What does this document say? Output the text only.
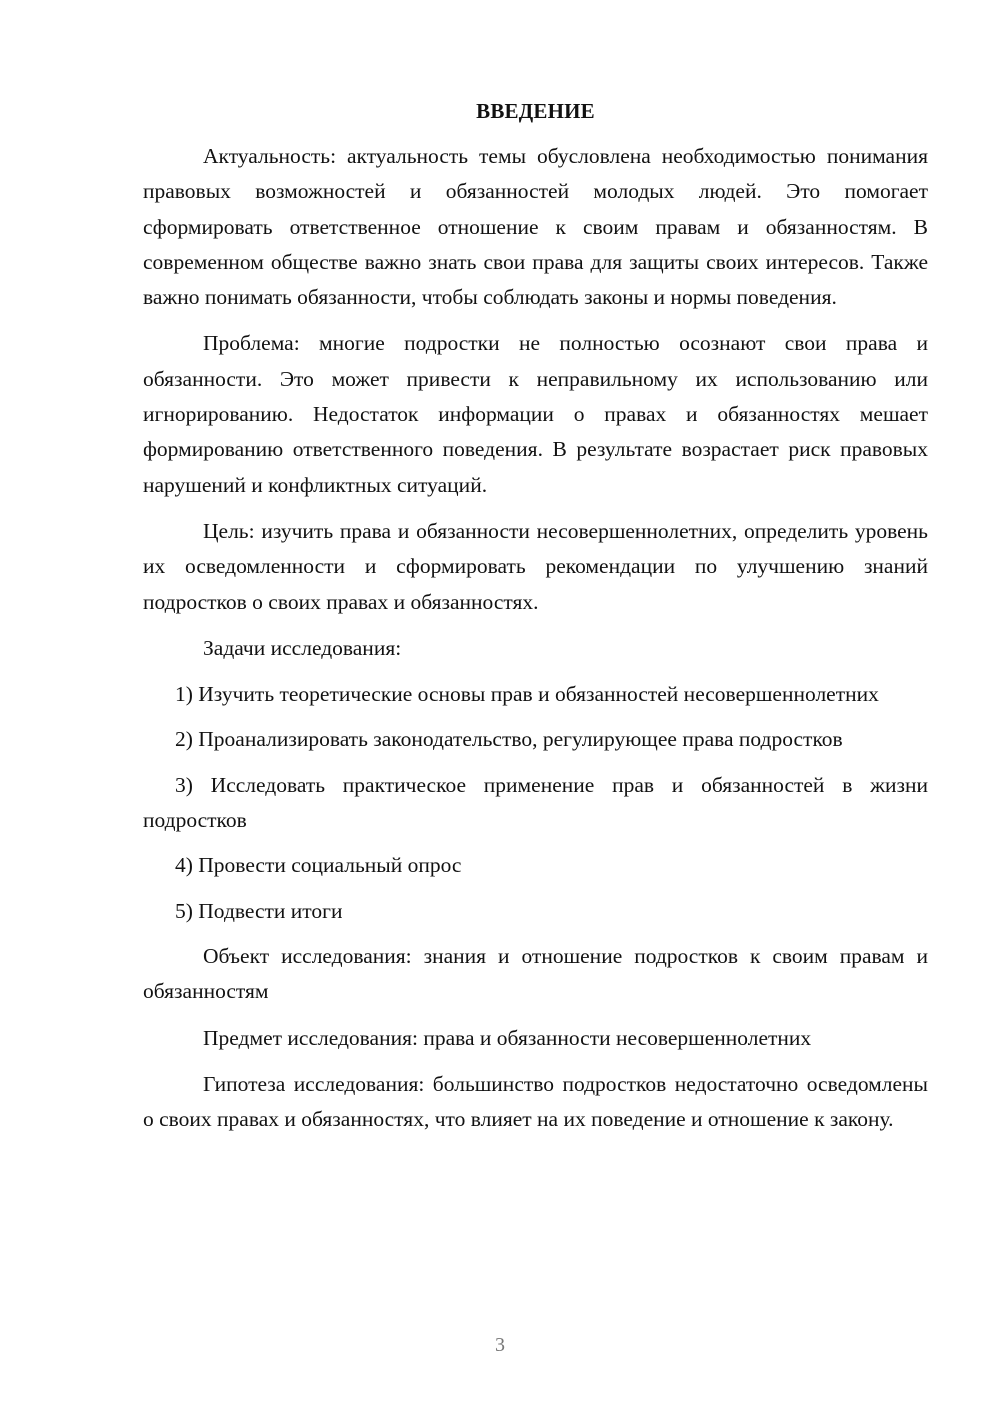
ВВЕДЕНИЕ

Актуальность: актуальность темы обусловлена необходимостью понимания правовых возможностей и обязанностей молодых людей. Это помогает сформировать ответственное отношение к своим правам и обязанностям. В современном обществе важно знать свои права для защиты своих интересов. Также важно понимать обязанности, чтобы соблюдать законы и нормы поведения.

Проблема: многие подростки не полностью осознают свои права и обязанности. Это может привести к неправильному их использованию или игнорированию. Недостаток информации о правах и обязанностях мешает формированию ответственного поведения. В результате возрастает риск правовых нарушений и конфликтных ситуаций.

Цель: изучить права и обязанности несовершеннолетних, определить уровень их осведомленности и сформировать рекомендации по улучшению знаний подростков о своих правах и обязанностях.

Задачи исследования:

1) Изучить теоретические основы прав и обязанностей несовершеннолетних

2) Проанализировать законодательство, регулирующее права подростков

3) Исследовать практическое применение прав и обязанностей в жизни подростков

4) Провести социальный опрос

5) Подвести итоги

Объект исследования: знания и отношение подростков к своим правам и обязанностям

Предмет исследования: права и обязанности несовершеннолетних

Гипотеза исследования: большинство подростков недостаточно осведомлены о своих правах и обязанностях, что влияет на их поведение и отношение к закону.

3
